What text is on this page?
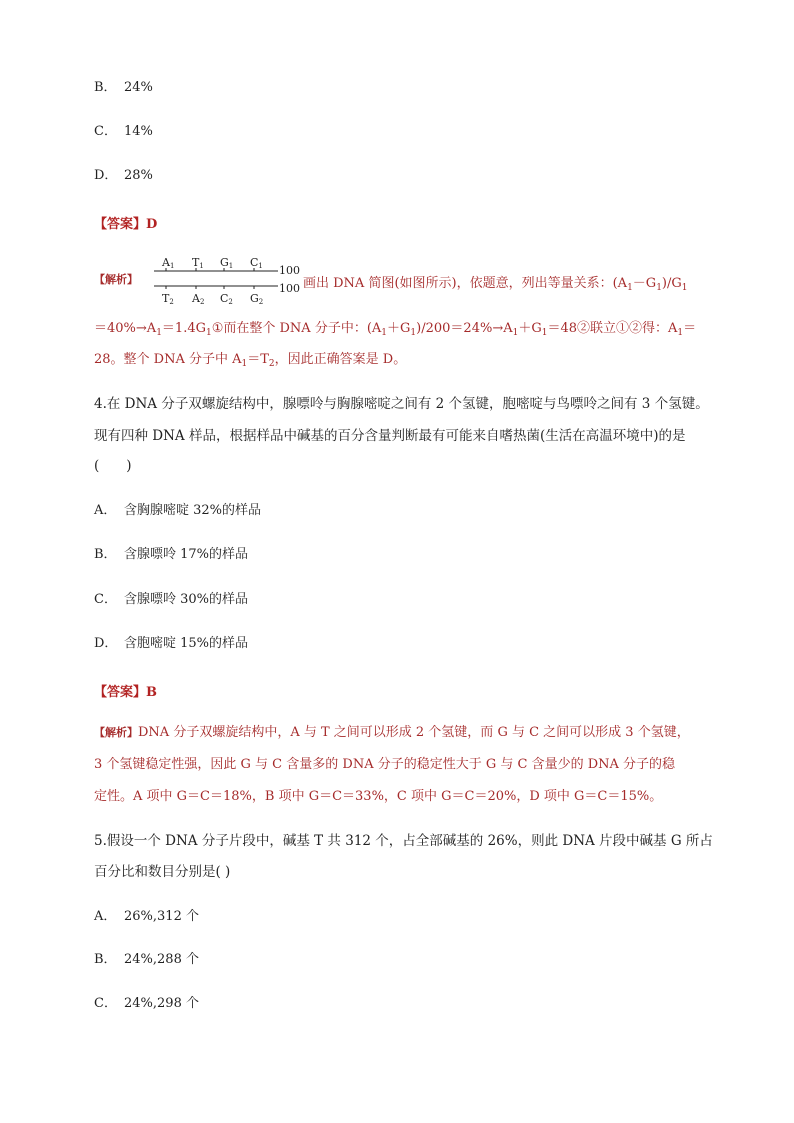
B． 24%
C． 14%
D． 28%
【答案】D
【解析】
A1 T1 G1 C1 100
100
T2 A2 C2 G2
画出 DNA 简图(如图所示)，依题意，列出等量关系：$(A_1-G_1)/G_1$
$=40\%\to A_1=1.4G_1①$而在整个 DNA 分子中：$(A_1+G_1)/200=24\%\to A_1+G_1=48②$联立①②得：$A_1=$
28。整个 DNA 分子中 $A_1=T_2$，因此正确答案是 D。
4.在 DNA 分子双螺旋结构中，腺嘌呤与胸腺嘧啶之间有 2 个氢键，胞嘧啶与鸟嘌呤之间有 3 个氢键。
现有四种 DNA 样品，根据样品中碱基的百分含量判断最有可能来自嗜热菌(生活在高温环境中)的是
(　　)
A． 含胸腺嘧啶 32%的样品
B． 含腺嘌呤 17%的样品
C． 含腺嘌呤 30%的样品
D． 含胞嘧啶 15%的样品
【答案】B
【解析】DNA 分子双螺旋结构中，A 与 T 之间可以形成 2 个氢键，而 G 与 C 之间可以形成 3 个氢键，
3 个氢键稳定性强，因此 G 与 C 含量多的 DNA 分子的稳定性大于 G 与 C 含量少的 DNA 分子的稳
定性。A 项中 G＝C＝18%，B 项中 G＝C＝33%，C 项中 G＝C＝20%，D 项中 G＝C＝15%。
5.假设一个 DNA 分子片段中，碱基 T 共 312 个，占全部碱基的 26%，则此 DNA 片段中碱基 G 所占
百分比和数目分别是( )
A． 26%,312 个
B． 24%,288 个
C． 24%,298 个
